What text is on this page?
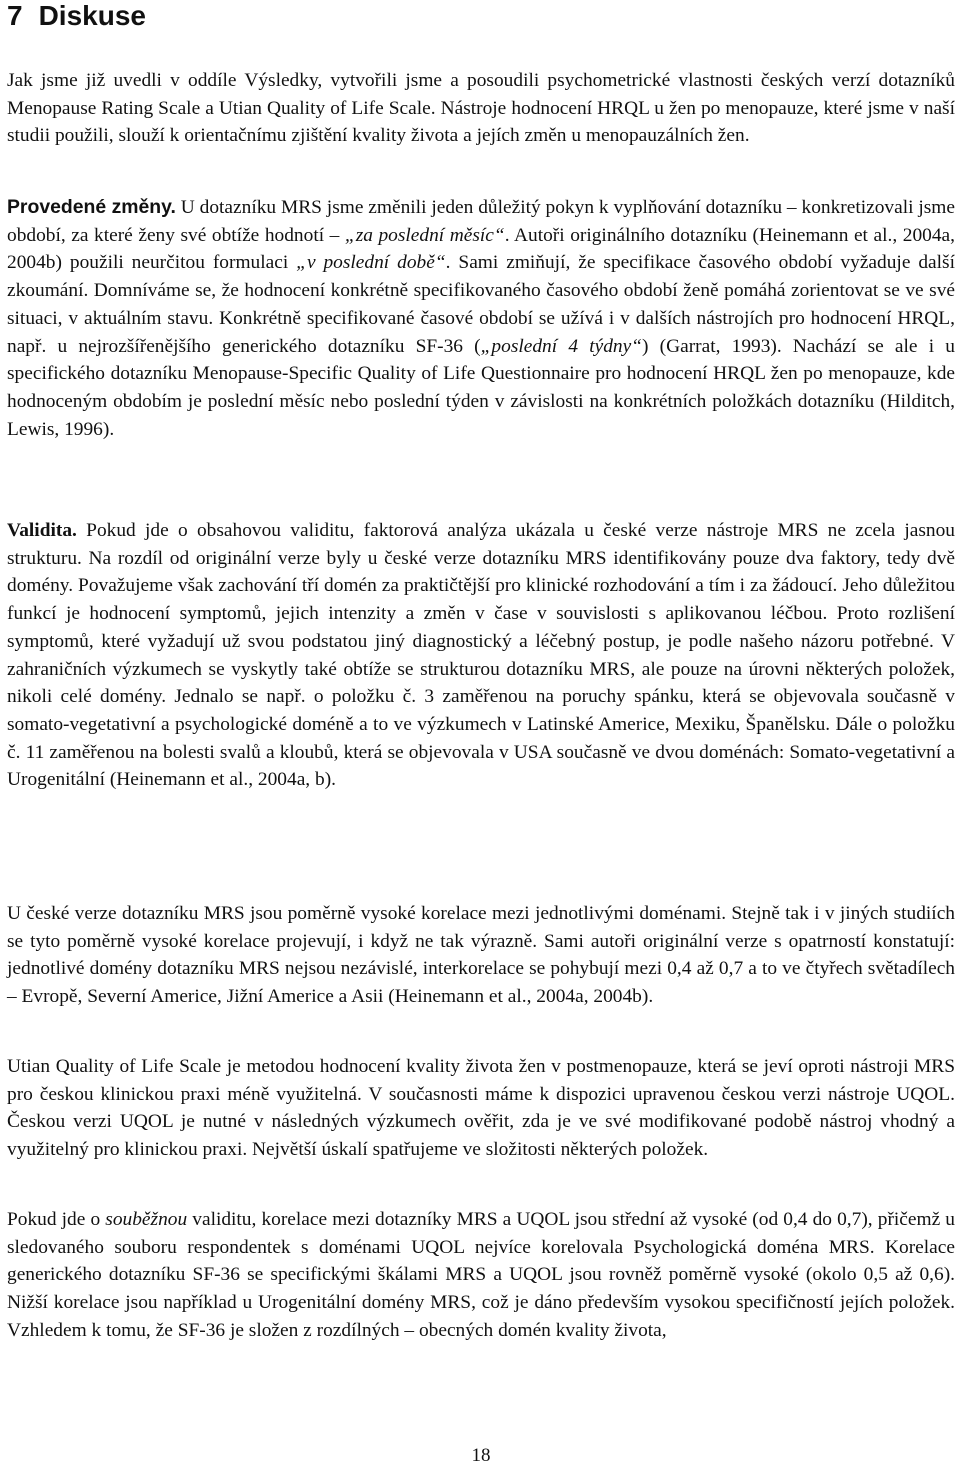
7 Diskuse

Jak jsme již uvedli v oddíle Výsledky, vytvořili jsme a posoudili psychometrické vlastnosti českých verzí dotazníků Menopause Rating Scale a Utian Quality of Life Scale. Nástroje hodnocení HRQL u žen po menopauze, které jsme v naší studii použili, slouží k orientačnímu zjištění kvality života a jejích změn u menopauzálních žen.

Provedené změny. U dotazníku MRS jsme změnili jeden důležitý pokyn k vyplňování dotazníku – konkretizovali jsme období, za které ženy své obtíže hodnotí – „za poslední měsíc“. Autoři originálního dotazníku (Heinemann et al., 2004a, 2004b) použili neurčitou formulaci „v poslední době“. Sami zmiňují, že specifikace časového období vyžaduje další zkoumání. Domníváme se, že hodnocení konkrétně specifikovaného časového období ženě pomáhá zorientovat se ve své situaci, v aktuálním stavu. Konkrétně specifikované časové období se užívá i v dalších nástrojích pro hodnocení HRQL, např. u nejrozšířenějšího generického dotazníku SF-36 („poslední 4 týdny“) (Garrat, 1993). Nachází se ale i u specifického dotazníku Menopause-Specific Quality of Life Questionnaire pro hodnocení HRQL žen po menopauze, kde hodnoceným obdobím je poslední měsíc nebo poslední týden v závislosti na konkrétních položkách dotazníku (Hilditch, Lewis, 1996).

Validita. Pokud jde o obsahovou validitu, faktorová analýza ukázala u české verze nástroje MRS ne zcela jasnou strukturu. Na rozdíl od originální verze byly u české verze dotazníku MRS identifikovány pouze dva faktory, tedy dvě domény. Považujeme však zachování tří domén za praktičtější pro klinické rozhodování a tím i za žádoucí. Jeho důležitou funkcí je hodnocení symptomů, jejich intenzity a změn v čase v souvislosti s aplikovanou léčbou. Proto rozlišení symptomů, které vyžadují už svou podstatou jiný diagnostický a léčebný postup, je podle našeho názoru potřebné. V zahraničních výzkumech se vyskytly také obtíže se strukturou dotazníku MRS, ale pouze na úrovni některých položek, nikoli celé domény. Jednalo se např. o položku č. 3 zaměřenou na poruchy spánku, která se objevovala současně v somato-vegetativní a psychologické doméně a to ve výzkumech v Latinské Americe, Mexiku, Španělsku. Dále o položku č. 11 zaměřenou na bolesti svalů a kloubů, která se objevovala v USA současně ve dvou doménách: Somato-vegetativní a Urogenitální (Heinemann et al., 2004a, b).

U české verze dotazníku MRS jsou poměrně vysoké korelace mezi jednotlivými doménami. Stejně tak i v jiných studiích se tyto poměrně vysoké korelace projevují, i když ne tak výrazně. Sami autoři originální verze s opatrností konstatují: jednotlivé domény dotazníku MRS nejsou nezávislé, interkorelace se pohybují mezi 0,4 až 0,7 a to ve čtyřech světadílech – Evropě, Severní Americe, Jižní Americe a Asii (Heinemann et al., 2004a, 2004b).

Utian Quality of Life Scale je metodou hodnocení kvality života žen v postmenopauze, která se jeví oproti nástroji MRS pro českou klinickou praxi méně využitelná. V současnosti máme k dispozici upravenou českou verzi nástroje UQOL. Českou verzi UQOL je nutné v následných výzkumech ověřit, zda je ve své modifikované podobě nástroj vhodný a využitelný pro klinickou praxi. Největší úskalí spatřujeme ve složitosti některých položek.

Pokud jde o souběžnou validitu, korelace mezi dotazníky MRS a UQOL jsou střední až vysoké (od 0,4 do 0,7), přičemž u sledovaného souboru respondentek s doménami UQOL nejvíce korelovala Psychologická doména MRS. Korelace generického dotazníku SF-36 se specifickými škálami MRS a UQOL jsou rovněž poměrně vysoké (okolo 0,5 až 0,6). Nižší korelace jsou například u Urogenitální domény MRS, což je dáno především vysokou specifičností jejích položek. Vzhledem k tomu, že SF-36 je složen z rozdílných – obecných domén kvality života,

18
